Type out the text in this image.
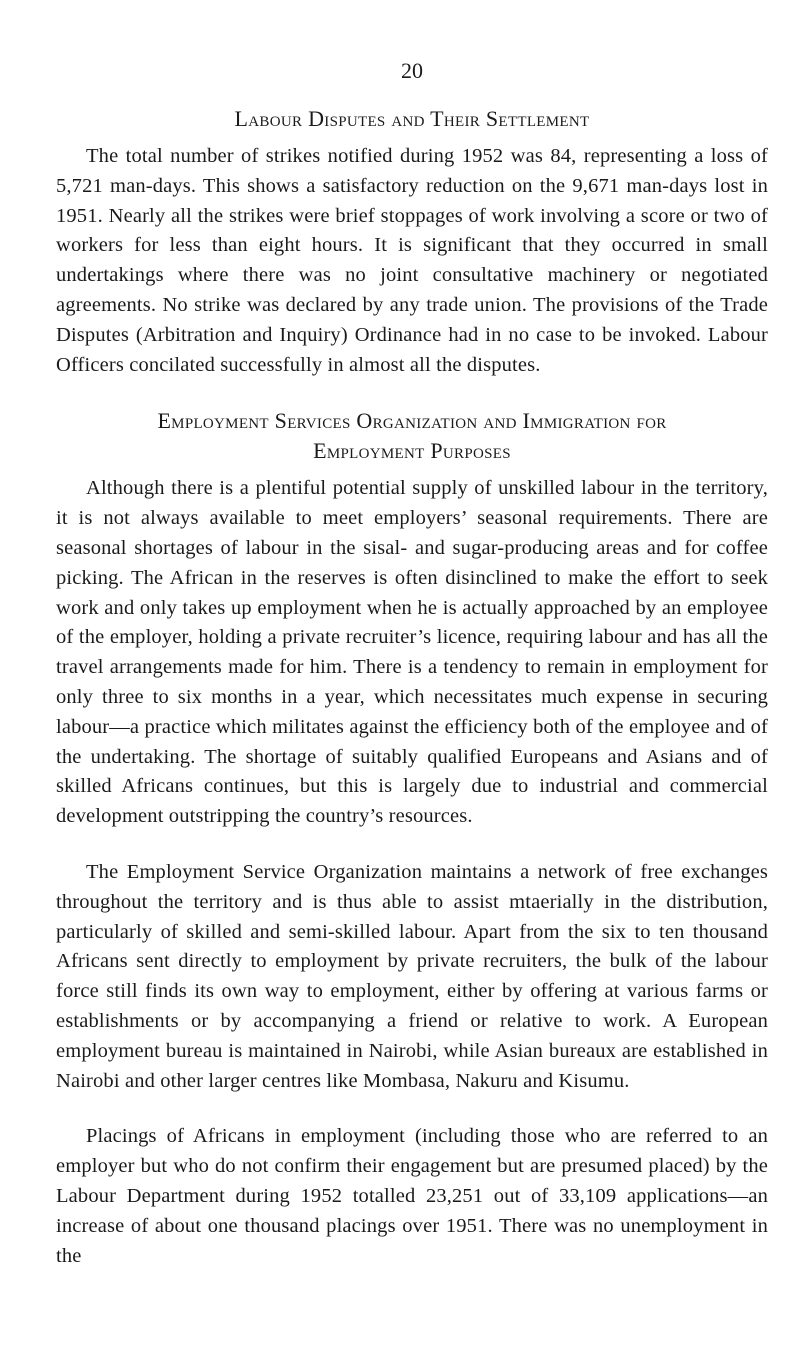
20
Labour Disputes and Their Settlement

The total number of strikes notified during 1952 was 84, representing a loss of 5,721 man-days. This shows a satisfactory reduction on the 9,671 man-days lost in 1951. Nearly all the strikes were brief stoppages of work involving a score or two of workers for less than eight hours. It is significant that they occurred in small undertakings where there was no joint consultative machinery or negotiated agreements. No strike was declared by any trade union. The provisions of the Trade Disputes (Arbitration and Inquiry) Ordinance had in no case to be invoked. Labour Officers concilated successfully in almost all the disputes.

Employment Services Organization and Immigration for
Employment Purposes

Although there is a plentiful potential supply of unskilled labour in the territory, it is not always available to meet employers’ seasonal requirements. There are seasonal shortages of labour in the sisal- and sugar-producing areas and for coffee picking. The African in the reserves is often disinclined to make the effort to seek work and only takes up employment when he is actually approached by an employee of the employer, holding a private recruiter’s licence, requiring labour and has all the travel arrangements made for him. There is a tendency to remain in employment for only three to six months in a year, which necessitates much expense in securing labour—a practice which militates against the efficiency both of the employee and of the undertaking. The shortage of suitably qualified Europeans and Asians and of skilled Africans continues, but this is largely due to industrial and commercial development outstripping the country’s resources.

The Employment Service Organization maintains a network of free exchanges throughout the territory and is thus able to assist mtaerially in the distribution, particularly of skilled and semi-skilled labour. Apart from the six to ten thousand Africans sent directly to employment by private recruiters, the bulk of the labour force still finds its own way to employment, either by offering at various farms or establishments or by accompanying a friend or relative to work. A European employment bureau is maintained in Nairobi, while Asian bureaux are established in Nairobi and other larger centres like Mombasa, Nakuru and Kisumu.

Placings of Africans in employment (including those who are referred to an employer but who do not confirm their engagement but are presumed placed) by the Labour Department during 1952 totalled 23,251 out of 33,109 applications—an increase of about one thousand placings over 1951. There was no unemployment in the
